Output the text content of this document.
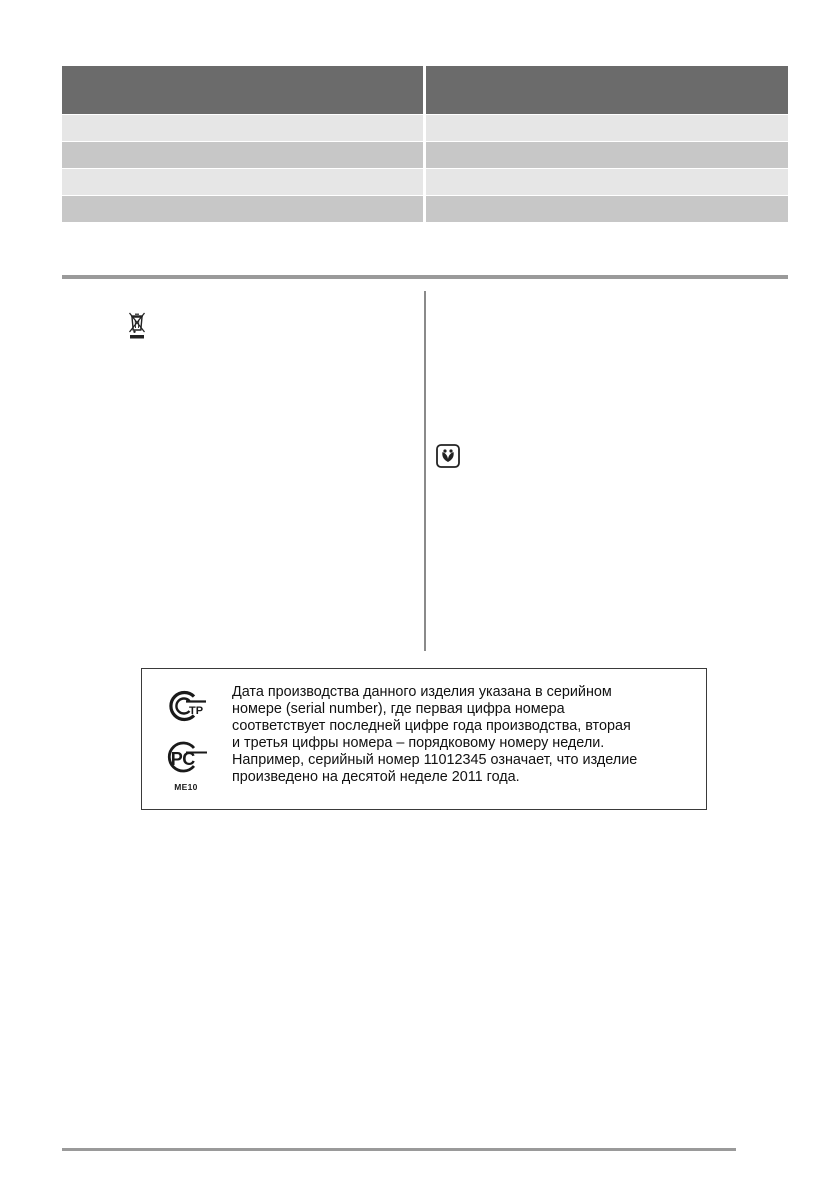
ТР
РС
ME10
Дата производства данного изделия указана в серийном
номере (serial number), где первая цифра номера
соответствует последней цифре года производства, вторая
и третья цифры номера – порядковому номеру недели.
Например, серийный номер 11012345 означает, что изделие
произведено на десятой неделе 2011 года.
